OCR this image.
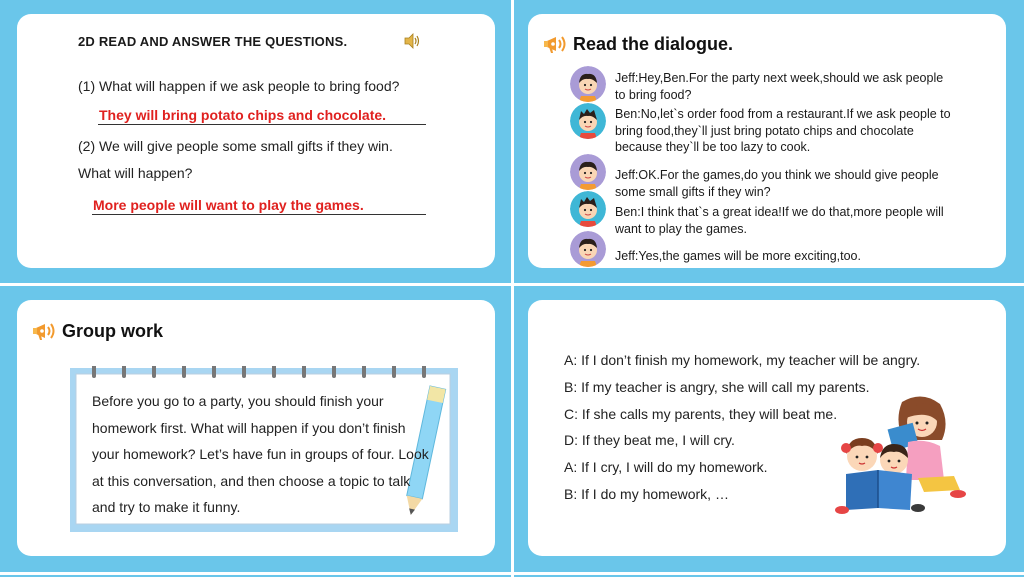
2D READ AND ANSWER THE QUESTIONS.
(1) What will happen if we ask people to bring food?
They will bring potato chips and chocolate.
(2) We will give people some small gifts if they win.
What will happen?
More people will want to play the games.
Read the dialogue.
Jeff:Hey,Ben.For the party next week,should we ask people
to bring food?
Ben:No,let`s order food from a restaurant.If we ask people to
bring food,they`ll just bring potato chips and chocolate
because they`ll be too lazy to cook.
Jeff:OK.For the games,do you think we should give people
some small gifts if they win?
Ben:I think that`s a great idea!If we do that,more people will
want to play the games.
Jeff:Yes,the games will be more exciting,too.
Group work
Before you go to a party, you should finish your homework first. What will happen if you don’t finish your homework? Let’s have fun in groups of four. Look at this conversation, and then choose a topic to talk and try to make it funny.
A: If I don’t finish my homework, my teacher will be angry.
B: If my teacher is angry, she will call my parents.
C: If she calls my parents, they will beat me.
D: If they beat me, I will cry.
A: If I cry, I will do my homework.
B: If I do my homework, …
